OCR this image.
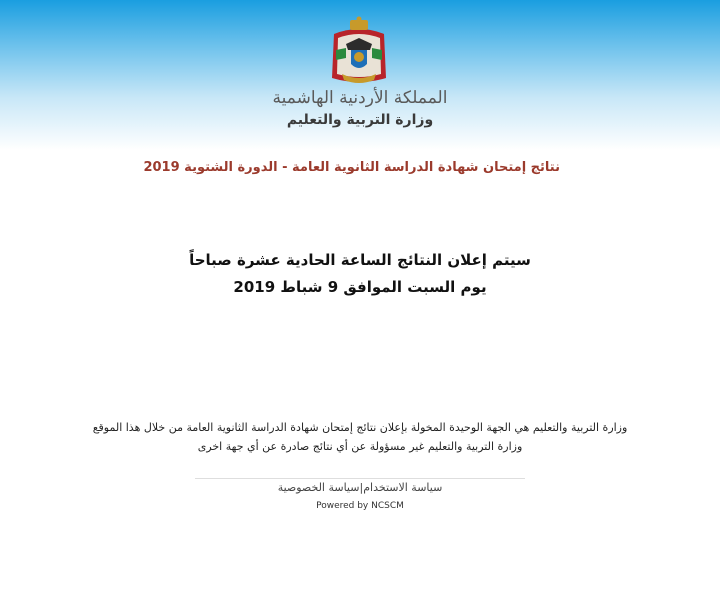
المملكة الأردنية الهاشمية
وزارة التربية والتعليم
نتائج إمتحان شهادة الدراسة الثانوية العامة - الدورة الشتوية 2019
سيتم إعلان النتائج الساعة الحادية عشرة صباحاً
يوم السبت الموافق 9 شباط 2019
وزارة التربية والتعليم هي الجهة الوحيدة المخولة بإعلان نتائج إمتحان شهادة الدراسة الثانوية العامة من خلال هذا الموقع
وزارة التربية والتعليم غير مسؤولة عن أي نتائج صادرة عن أي جهة اخرى
سياسة الاستخدام|سياسة الخصوصية
Powered by NCSCM
